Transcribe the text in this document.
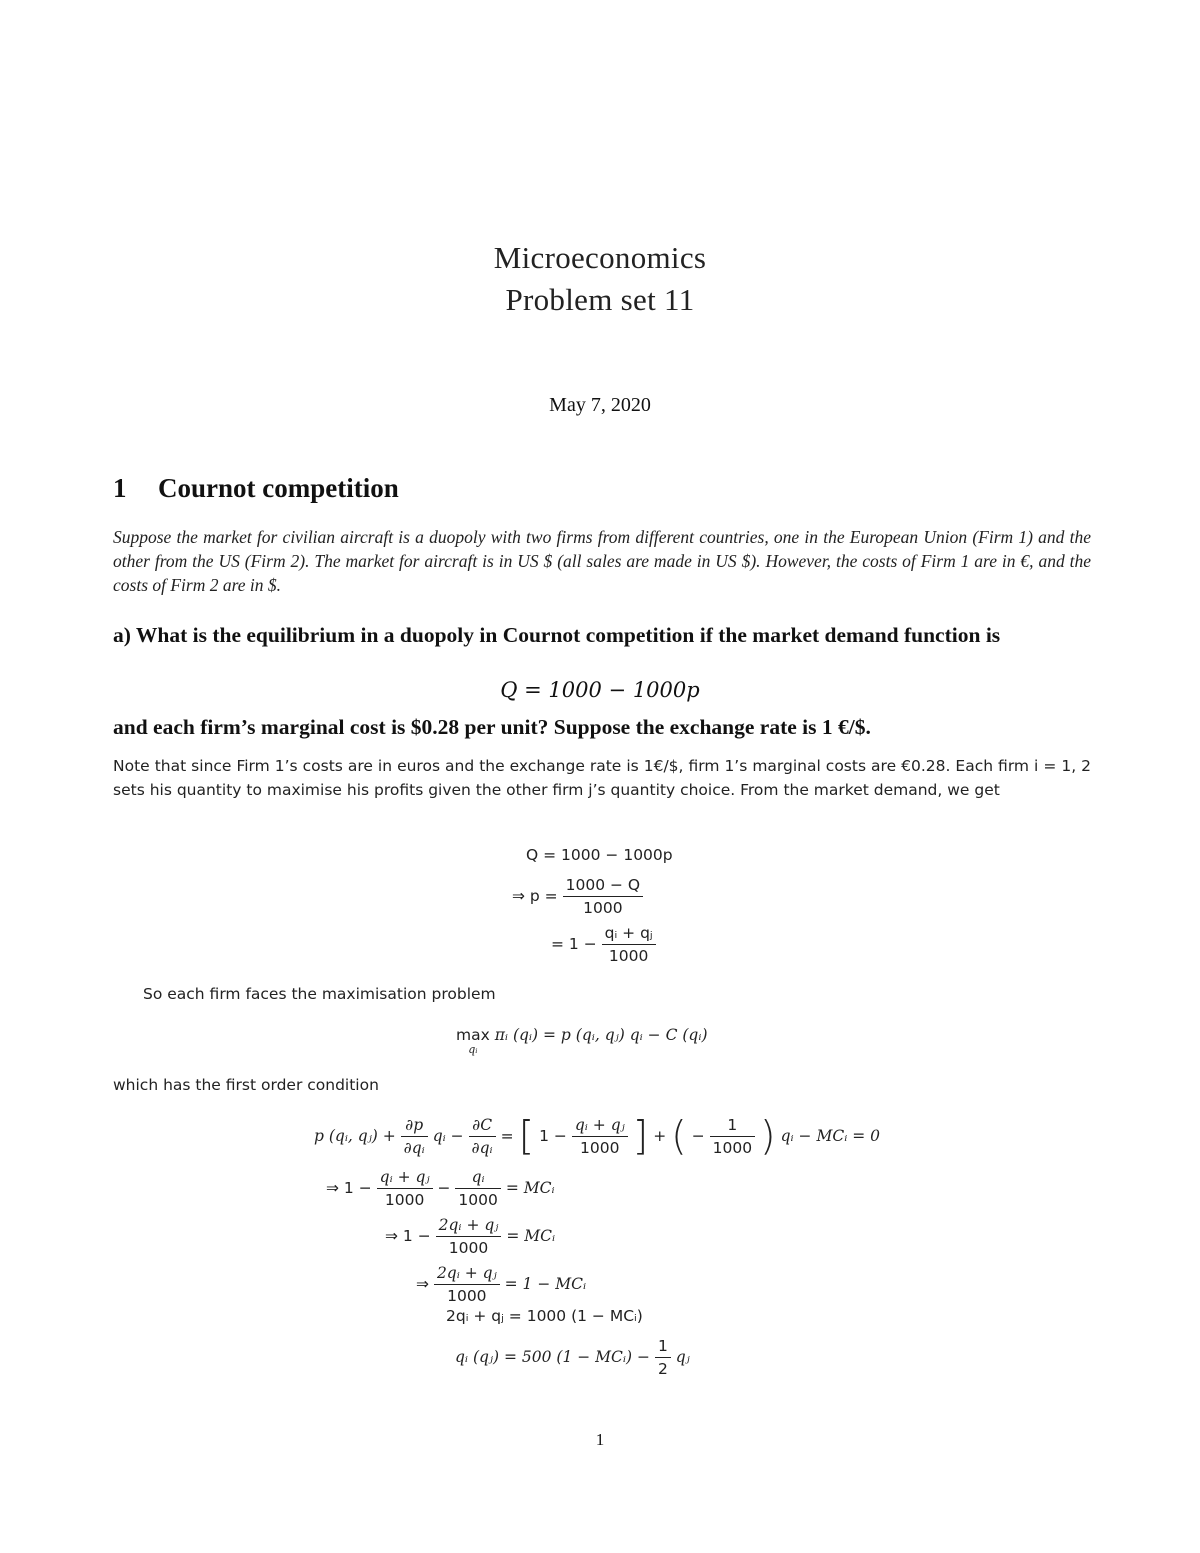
Microeconomics
Problem set 11
May 7, 2020
1 Cournot competition
Suppose the market for civilian aircraft is a duopoly with two firms from different countries, one in the European Union (Firm 1) and the other from the US (Firm 2). The market for aircraft is in US $ (all sales are made in US $). However, the costs of Firm 1 are in €, and the costs of Firm 2 are in $.
a) What is the equilibrium in a duopoly in Cournot competition if the market demand function is
Q = 1000 − 1000p
and each firm’s marginal cost is $0.28 per unit? Suppose the exchange rate is 1 €/$.
Note that since Firm 1’s costs are in euros and the exchange rate is 1€/$, firm 1’s marginal costs are €0.28. Each firm i = 1, 2 sets his quantity to maximise his profits given the other firm j’s quantity choice. From the market demand, we get
Q = 1000 − 1000p
⇒ $p = \frac{1000 - Q}{1000}$
= $1 - \frac{\text{qᵢ + qⱼ}}{1000}$
So each firm faces the maximisation problem
max
qᵢ
πᵢ (qᵢ) = p (qᵢ, qⱼ) qᵢ − C (qᵢ)
which has the first order condition
p (qᵢ, qⱼ) + $\frac{\partial p}{\text{∂qᵢ}}$ qᵢ − $\frac{\partial C}{\text{∂qᵢ}}$ = [ $1 - \frac{\text{qᵢ + qⱼ}}{1000}$ ] + ( − $\frac{1}{1000}$ ) qᵢ − MCᵢ = 0
⇒ $1 - \frac{\text{qᵢ + qⱼ}}{1000} - \frac{\text{qᵢ}}{1000}$ = MCᵢ
⇒ $1 - \frac{\text{2qᵢ + qⱼ}}{1000}$ = MCᵢ
⇒ $\frac{\text{2qᵢ + qⱼ}}{1000} = 1$ − MCᵢ
2qᵢ + qⱼ = 1000 (1 − MCᵢ)
qᵢ (qⱼ) = 500 (1 − MCᵢ) − $\frac{1}{2}$ qⱼ
1
